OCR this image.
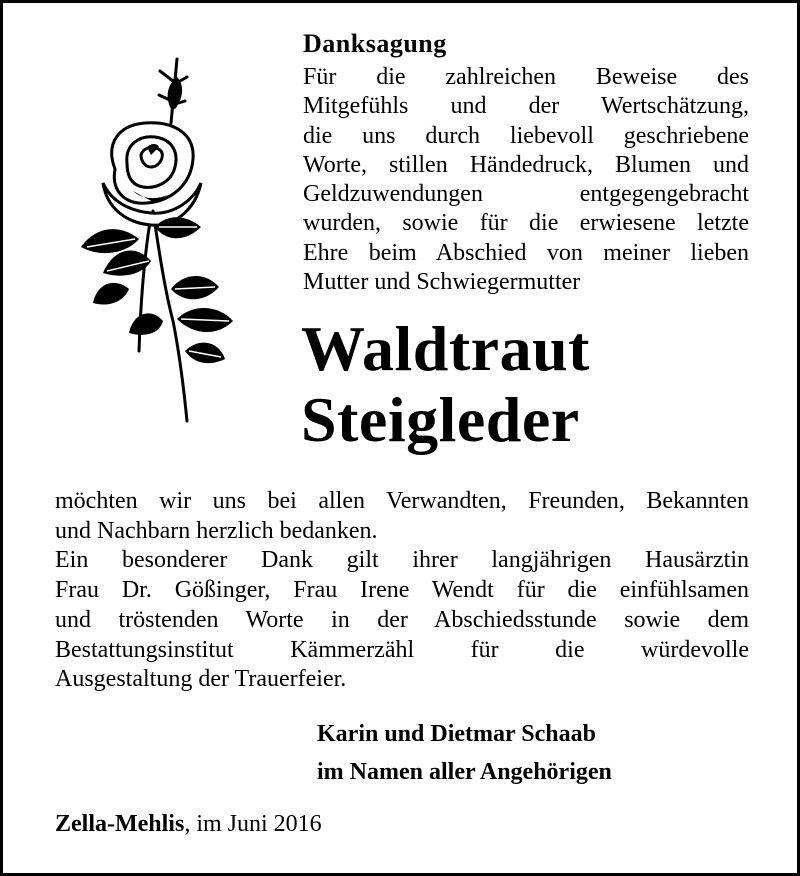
Danksagung
Für die zahlreichen Beweise des
Mitgefühls und der Wertschätzung,
die uns durch liebevoll geschriebene
Worte, stillen Händedruck, Blumen und
Geldzuwendungen entgegengebracht
wurden, sowie für die erwiesene letzte
Ehre beim Abschied von meiner lieben
Mutter und Schwiegermutter
Waldtraut
Steigleder
möchten wir uns bei allen Verwandten, Freunden, Bekannten
und Nachbarn herzlich bedanken.
Ein besonderer Dank gilt ihrer langjährigen Hausärztin
Frau Dr. Gößinger, Frau Irene Wendt für die einfühlsamen
und tröstenden Worte in der Abschiedsstunde sowie dem
Bestattungsinstitut Kämmerzähl für die würdevolle
Ausgestaltung der Trauerfeier.
Karin und Dietmar Schaab
im Namen aller Angehörigen
Zella-Mehlis, im Juni 2016
